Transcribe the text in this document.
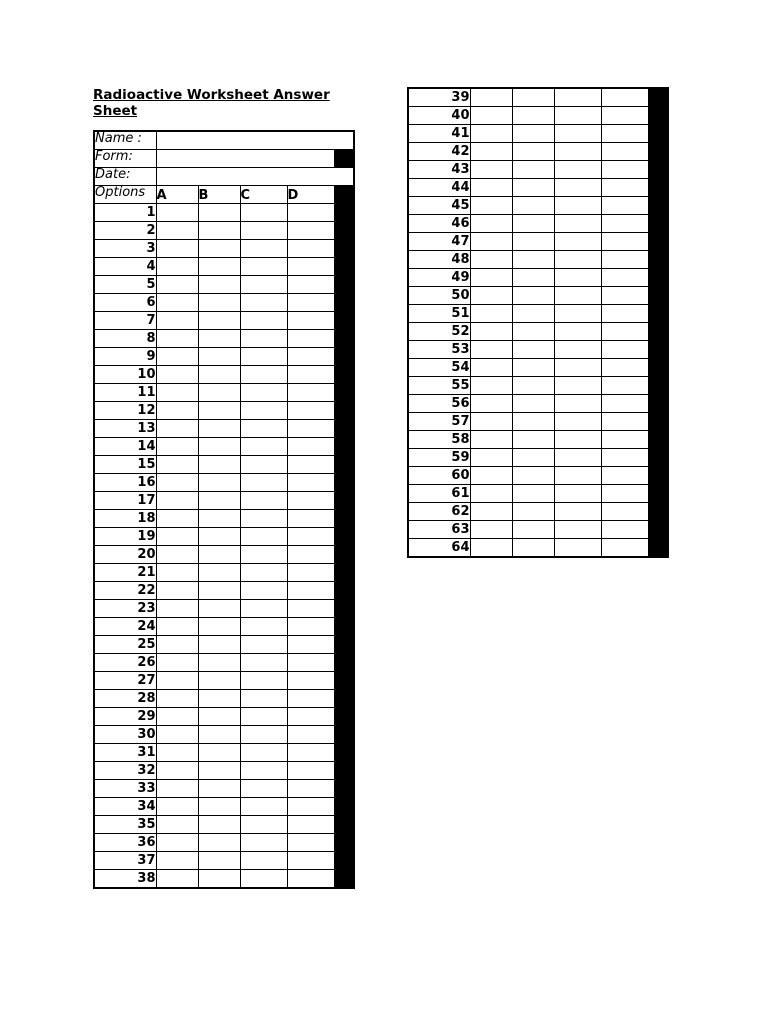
Radioactive Worksheet Answer Sheet
Name :					
Form:					
Date:					
Options	A	B	C	D	
1					
2					
3					
4					
5					
6					
7					
8					
9					
10					
11					
12					
13					
14					
15					
16					
17					
18					
19					
20					
21					
22					
23					
24					
25					
26					
27					
28					
29					
30					
31					
32					
33					
34					
35					
36					
37					
38					
39					
40					
41					
42					
43					
44					
45					
46					
47					
48					
49					
50					
51					
52					
53					
54					
55					
56					
57					
58					
59					
60					
61					
62					
63					
64					
